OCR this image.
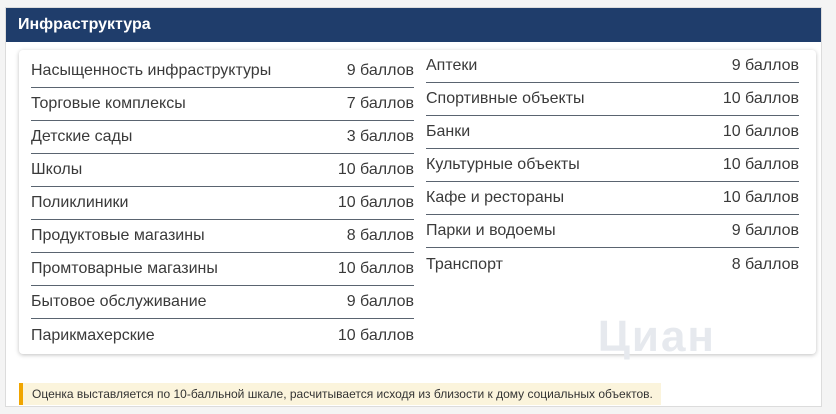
Инфраструктура
Циан
Насыщенность инфраструктуры	9 баллов
Торговые комплексы	7 баллов
Детские сады	3 баллов
Школы	10 баллов
Поликлиники	10 баллов
Продуктовые магазины	8 баллов
Промтоварные магазины	10 баллов
Бытовое обслуживание	9 баллов
Парикмахерские	10 баллов
Аптеки	9 баллов
Спортивные объекты	10 баллов
Банки	10 баллов
Культурные объекты	10 баллов
Кафе и рестораны	10 баллов
Парки и водоемы	9 баллов
Транспорт	8 баллов
Оценка выставляется по 10-балльной шкале, расчитывается исходя из близости к дому социальных объектов.
